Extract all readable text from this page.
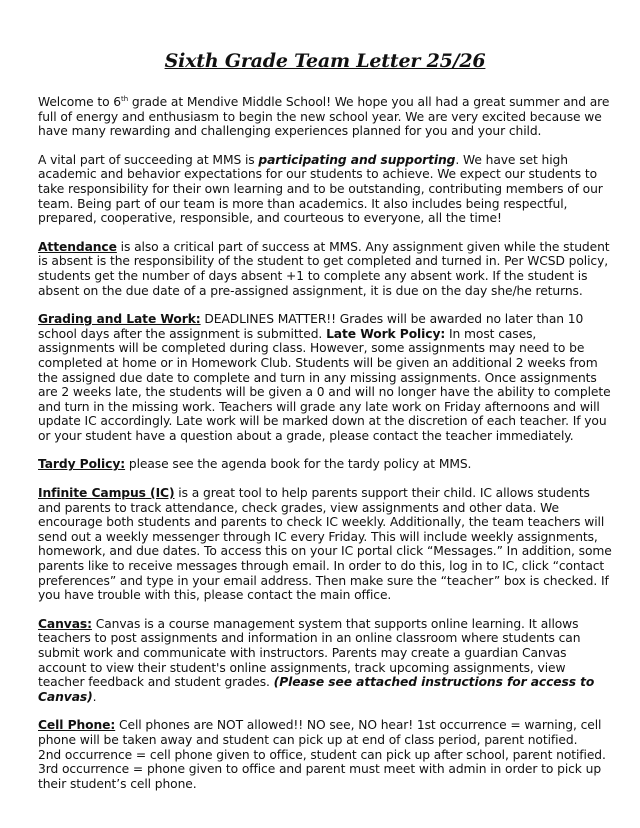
Sixth Grade Team Letter 25/26

Welcome to 6th grade at Mendive Middle School! We hope you all had a great summer and are full of energy and enthusiasm to begin the new school year. We are very excited because we have many rewarding and challenging experiences planned for you and your child.

A vital part of succeeding at MMS is participating and supporting. We have set high academic and behavior expectations for our students to achieve. We expect our students to take responsibility for their own learning and to be outstanding, contributing members of our team. Being part of our team is more than academics. It also includes being respectful, prepared, cooperative, responsible, and courteous to everyone, all the time!

Attendance is also a critical part of success at MMS. Any assignment given while the student is absent is the responsibility of the student to get completed and turned in. Per WCSD policy, students get the number of days absent +1 to complete any absent work. If the student is absent on the due date of a pre-assigned assignment, it is due on the day she/he returns.

Grading and Late Work: DEADLINES MATTER!! Grades will be awarded no later than 10 school days after the assignment is submitted. Late Work Policy: In most cases, assignments will be completed during class. However, some assignments may need to be completed at home or in Homework Club. Students will be given an additional 2 weeks from the assigned due date to complete and turn in any missing assignments. Once assignments are 2 weeks late, the students will be given a 0 and will no longer have the ability to complete and turn in the missing work. Teachers will grade any late work on Friday afternoons and will update IC accordingly. Late work will be marked down at the discretion of each teacher. If you or your student have a question about a grade, please contact the teacher immediately.

Tardy Policy: please see the agenda book for the tardy policy at MMS.

Infinite Campus (IC) is a great tool to help parents support their child. IC allows students and parents to track attendance, check grades, view assignments and other data. We encourage both students and parents to check IC weekly. Additionally, the team teachers will send out a weekly messenger through IC every Friday. This will include weekly assignments, homework, and due dates. To access this on your IC portal click “Messages.” In addition, some parents like to receive messages through email. In order to do this, log in to IC, click “contact preferences” and type in your email address. Then make sure the “teacher” box is checked. If you have trouble with this, please contact the main office.

Canvas: Canvas is a course management system that supports online learning. It allows teachers to post assignments and information in an online classroom where students can submit work and communicate with instructors. Parents may create a guardian Canvas account to view their student's online assignments, track upcoming assignments, view teacher feedback and student grades. (Please see attached instructions for access to Canvas).

Cell Phone: Cell phones are NOT allowed!! NO see, NO hear! 1st occurrence = warning, cell phone will be taken away and student can pick up at end of class period, parent notified.
2nd occurrence = cell phone given to office, student can pick up after school, parent notified.
3rd occurrence = phone given to office and parent must meet with admin in order to pick up their student’s cell phone.
